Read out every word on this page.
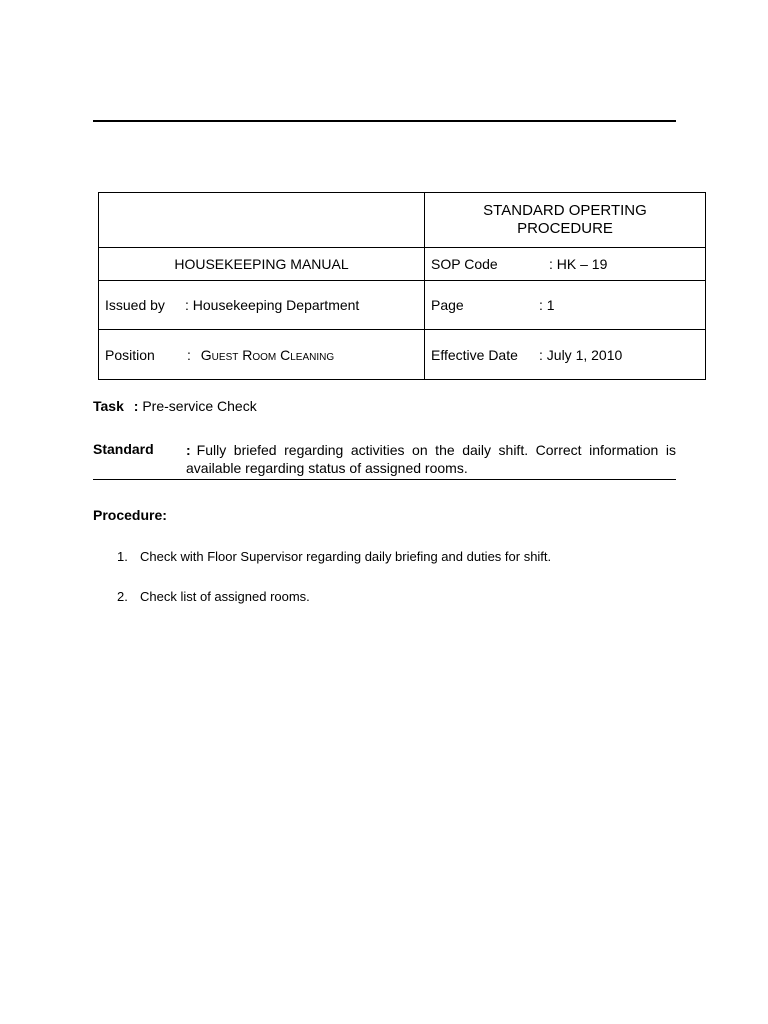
	STANDARD OPERTING
PROCEDURE

HOUSEKEEPING MANUAL	SOP Code : HK – 19
Issued by : Housekeeping Department	Page : 1
Position : Guest Room Cleaning	Effective Date : July 1, 2010
Task : Pre-service Check
Standard : Fully briefed regarding activities on the daily shift. Correct information is available regarding status of assigned rooms.
Procedure:
1. Check with Floor Supervisor regarding daily briefing and duties for shift.
2. Check list of assigned rooms.
